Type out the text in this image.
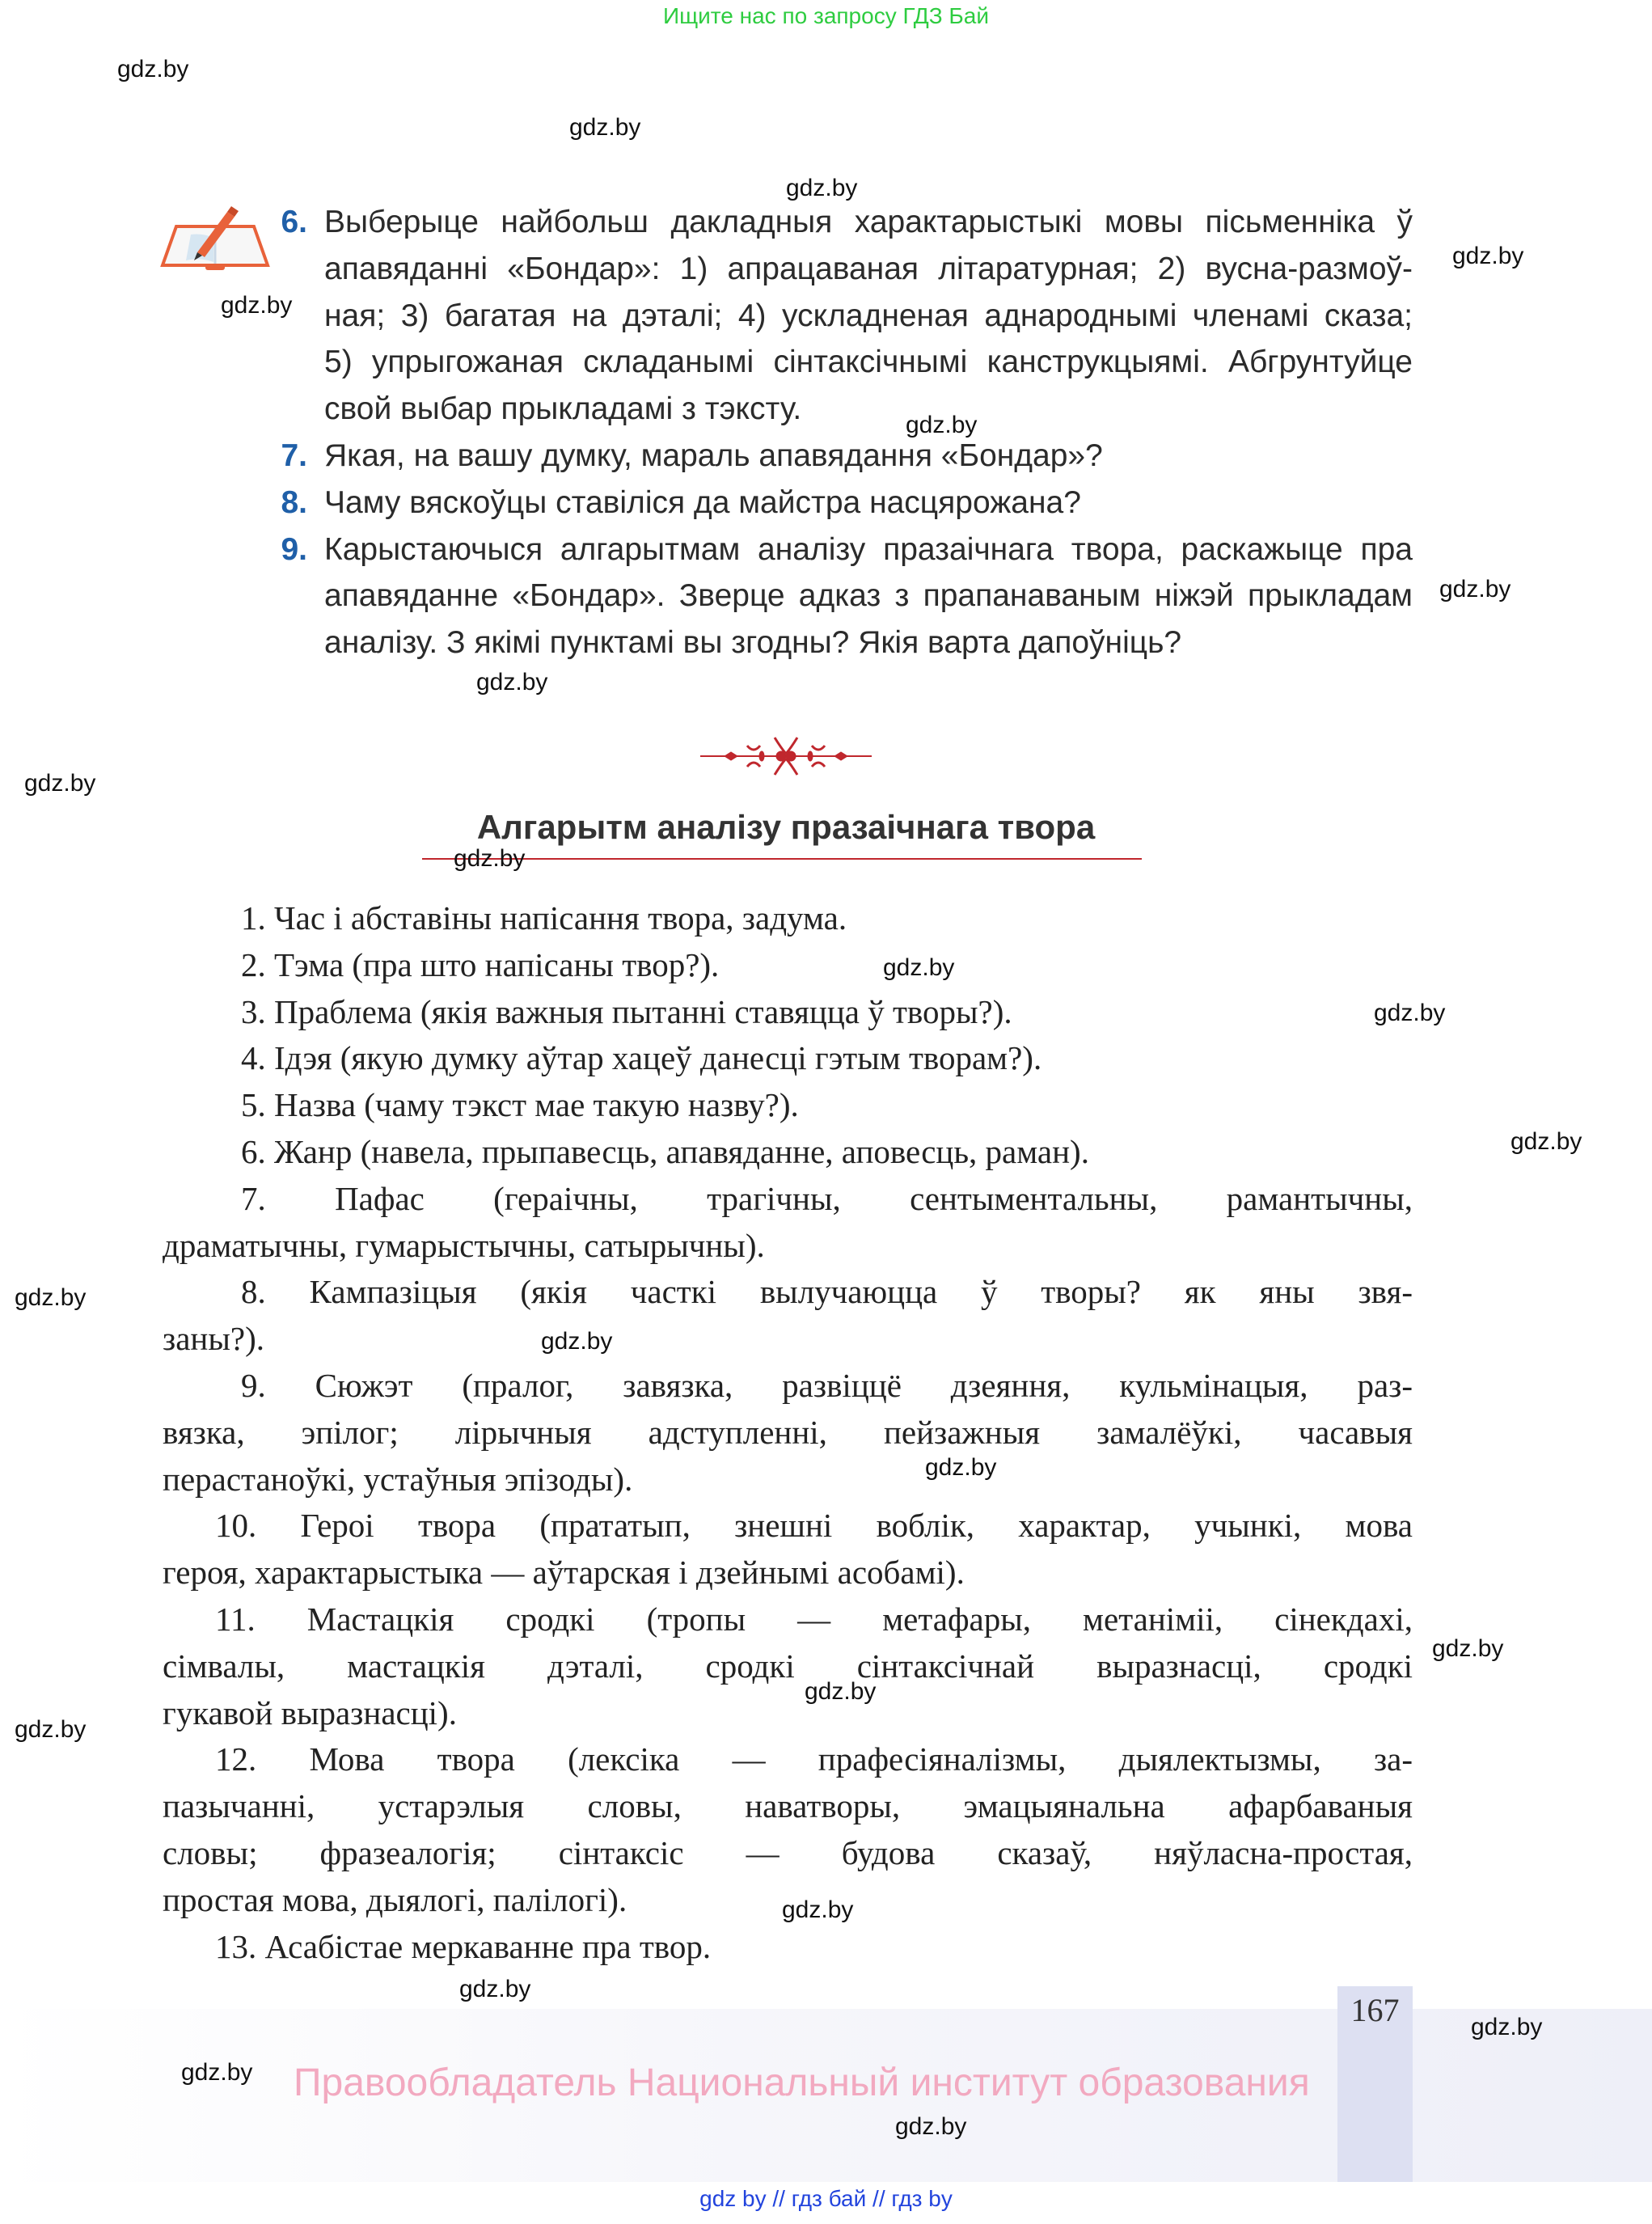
Ищите нас по запросу ГДЗ Бай
6. Выберыце найбольш дакладныя характарыстыкі мовы пісьменніка ў
апавяданні «Бондар»: 1) апрацаваная літаратурная; 2) вусна-размоў-
ная; 3) багатая на дэталі; 4) ускладненая аднароднымі членамі сказа;
5) упрыгожаная складанымі сінтаксічнымі канструкцыямі. Абгрунтуйце
свой выбар прыкладамі з тэксту.
7. Якая, на вашу думку, мараль апавядання «Бондар»?
8. Чаму вяскоўцы ставіліся да майстра насцярожана?
9. Карыстаючыся алгарытмам аналізу празаічнага твора, раскажыце пра
апавяданне «Бондар». Зверце адказ з прапанаваным ніжэй прыкладам
аналізу. З якімі пунктамі вы згодны? Якія варта дапоўніць?
Алгарытм аналізу празаічнага твора
1. Час і абставіны напісання твора, задума.
2. Тэма (пра што напісаны твор?).
3. Праблема (якія важныя пытанні ставяцца ў творы?).
4. Ідэя (якую думку аўтар хацеў данесці гэтым творам?).
5. Назва (чаму тэкст мае такую назву?).
6. Жанр (навела, прыпавесць, апавяданне, аповесць, раман).
7. Пафас (гераічны, трагічны, сентыментальны, рамантычны,
драматычны, гумарыстычны, сатырычны).
8. Кампазіцыя (якія часткі вылучаюцца ў творы? як яны звя-
заны?).
9. Сюжэт (пралог, завязка, развіццё дзеяння, кульмінацыя, раз-
вязка, эпілог; лірычныя адступленні, пейзажныя замалёўкі, часавыя
перастаноўкі, устаўныя эпізоды).
10. Героі твора (прататып, знешні воблік, характар, учынкі, мова
героя, характарыстыка — аўтарская і дзейнымі асобамі).
11. Мастацкія сродкі (тропы — метафары, метаніміі, сінекдахі,
сімвалы, мастацкія дэталі, сродкі сінтаксічнай выразнасці, сродкі
гукавой выразнасці).
12. Мова твора (лексіка — прафесіяналізмы, дыялектызмы, за-
пазычанні, устарэлыя словы, наватворы, эмацыянальна афарбаваныя
словы; фразеалогія; сінтаксіс — будова сказаў, няўласна-простая,
простая мова, дыялогі, палілогі).
13. Асабістае меркаванне пра твор.
167
Правообладатель Национальный институт образования
gdz by // гдз бай // гдз by
gdz.by
gdz.by
gdz.by
gdz.by
gdz.by
gdz.by
gdz.by
gdz.by
gdz.by
gdz.by
gdz.by
gdz.by
gdz.by
gdz.by
gdz.by
gdz.by
gdz.by
gdz.by
gdz.by
gdz.by
gdz.by
gdz.by
gdz.by
gdz.by
